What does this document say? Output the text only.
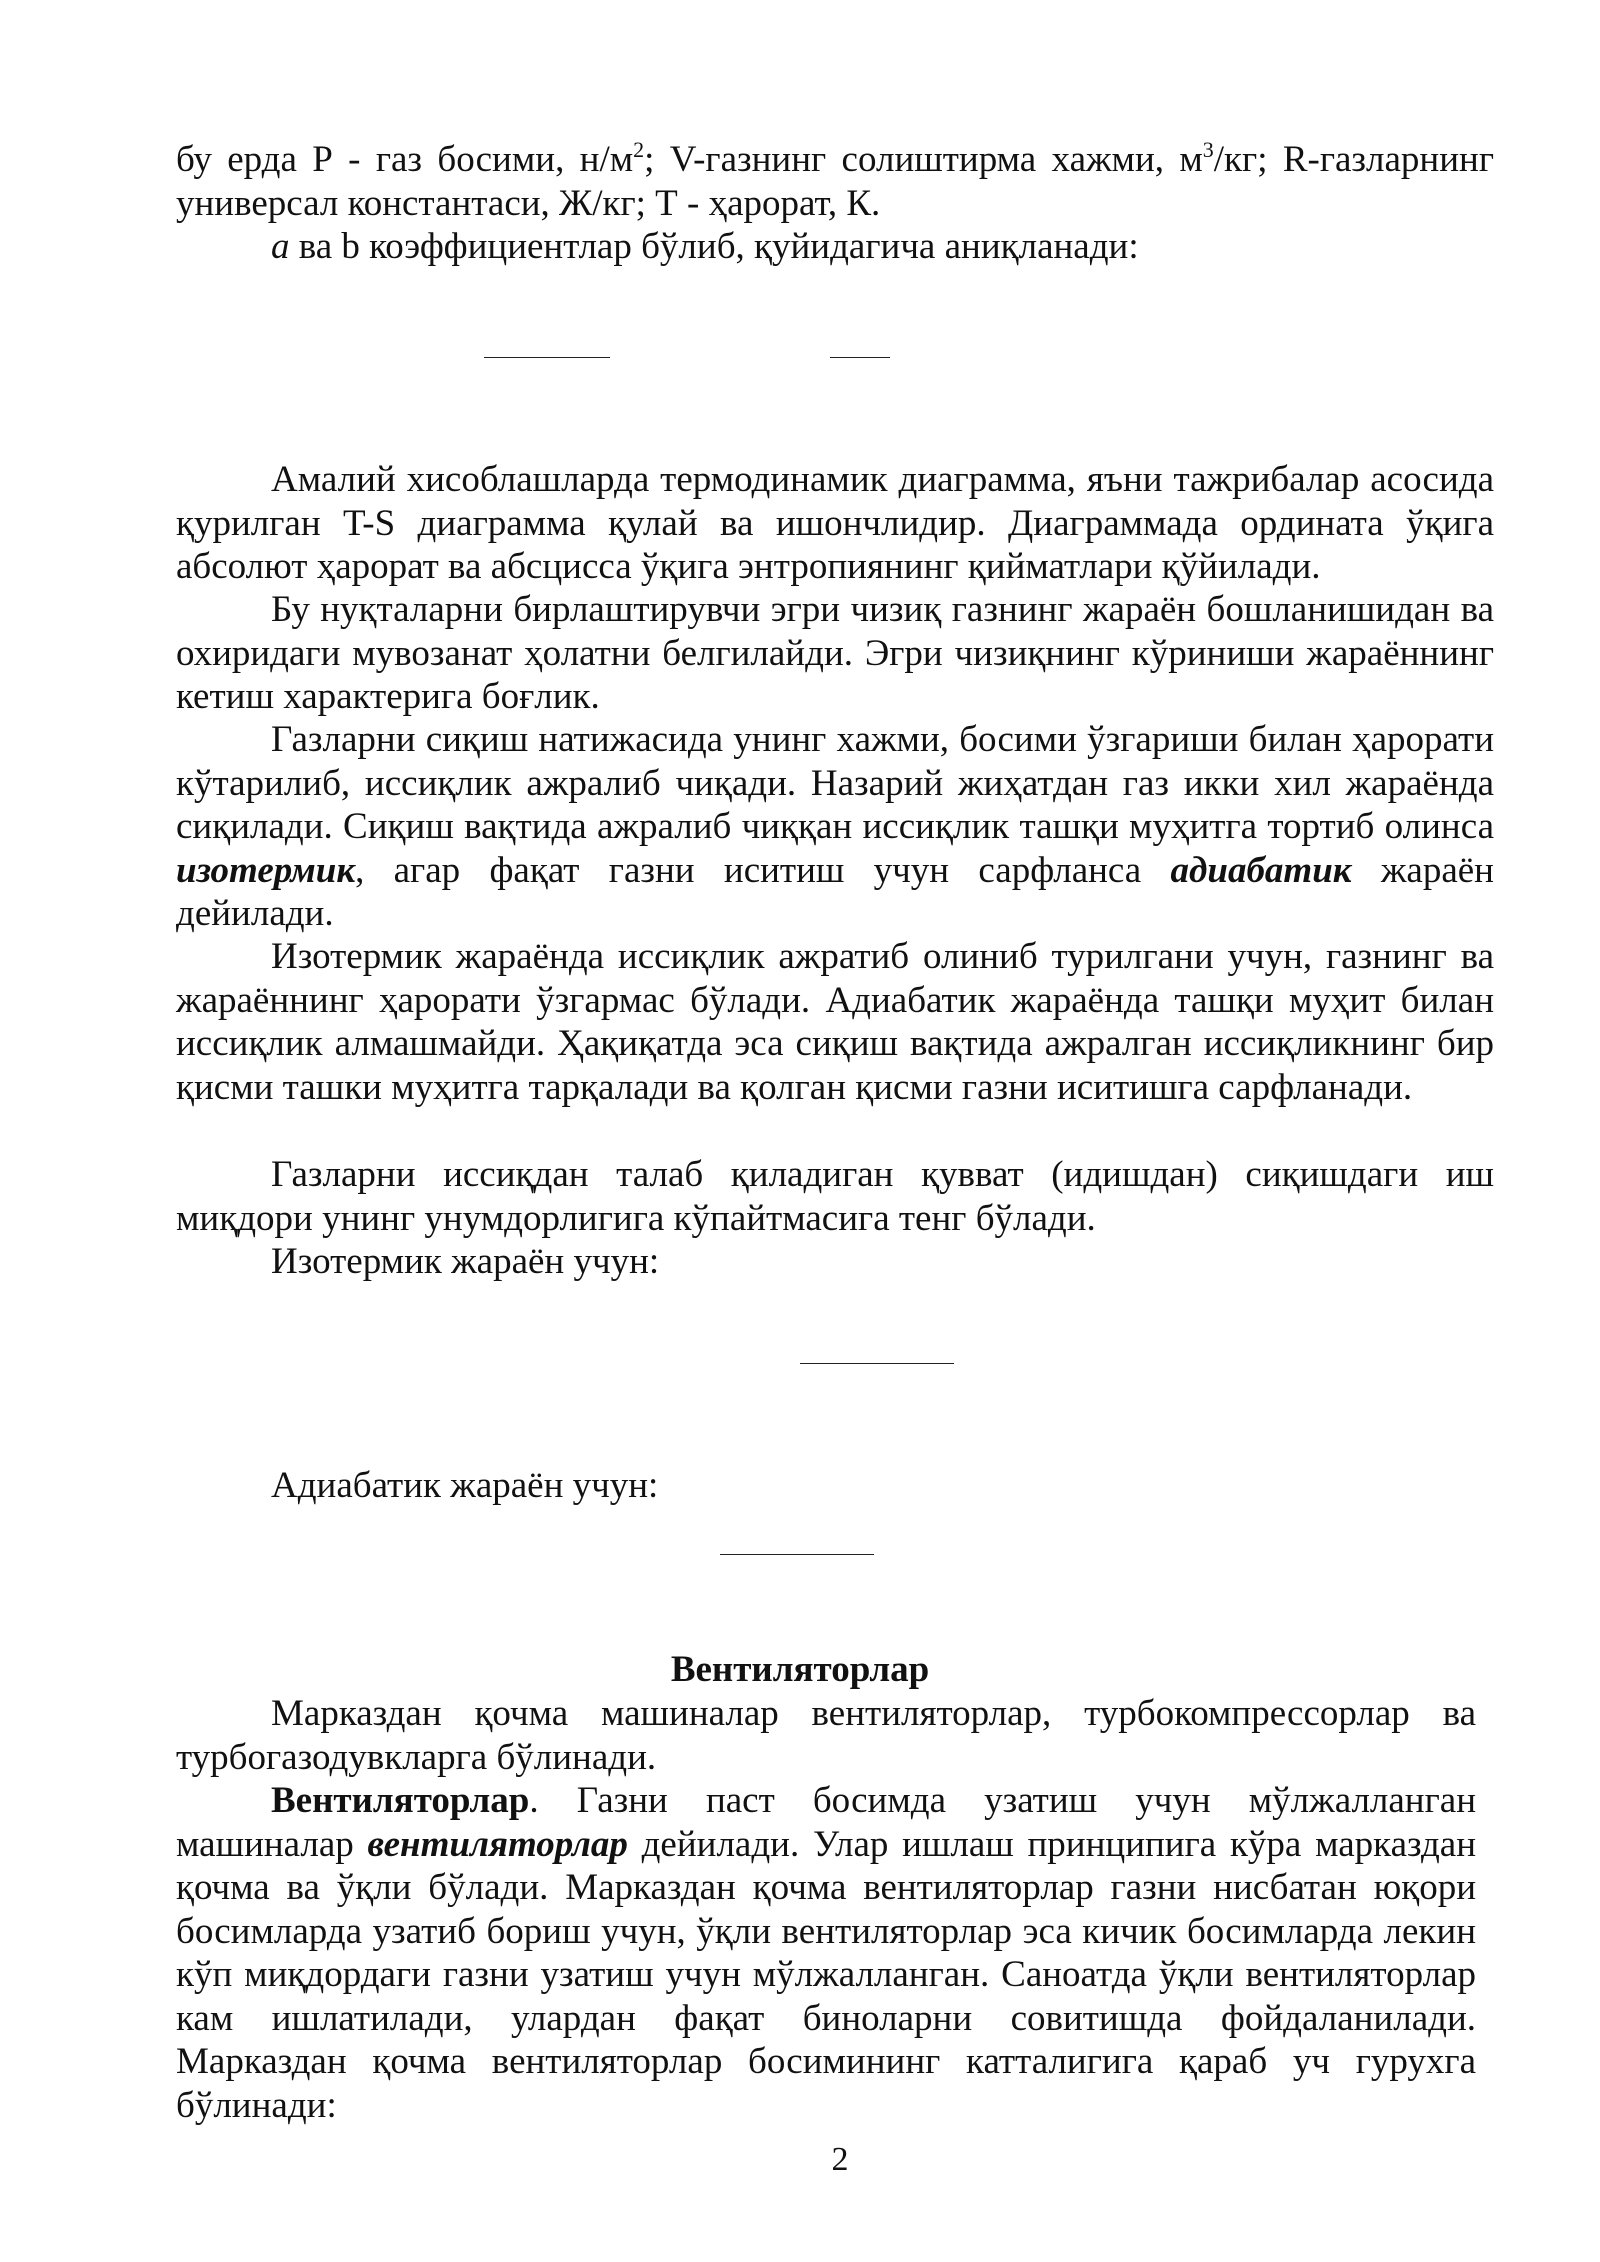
бу ерда Р - газ босими, $н/м^2$; V-газнинг солиштирма хажми, $м^3/кг$; R-газларнинг универсал константаси, Ж/кг; Т - ҳарорат, К.

a ва b коэффициентлар бўлиб, қуйидагича аниқланади:

Амалий хисоблашларда термодинамик диаграмма, яъни тажрибалар асосида қурилган T-S диаграмма қулай ва ишончлидир. Диаграммада ордината ўқига абсолют ҳарорат ва абсцисса ўқига энтропиянинг қийматлари қўйилади.

Бу нуқталарни бирлаштирувчи эгри чизиқ газнинг жараён бошланишидан ва охиридаги мувозанат ҳолатни белгилайди. Эгри чизиқнинг кўриниши жараённинг кетиш характерига боғлик.

Газларни сиқиш натижасида унинг хажми, босими ўзгариши билан ҳарорати кўтарилиб, иссиқлик ажралиб чиқади. Назарий жиҳатдан газ икки хил жараёнда сиқилади. Сиқиш вақтида ажралиб чиққан иссиқлик ташқи муҳитга тортиб олинса изотермик, агар фақат газни иситиш учун сарфланса адиабатик жараён дейилади.

Изотермик жараёнда иссиқлик ажратиб олиниб турилгани учун, газнинг ва жараённинг ҳарорати ўзгармас бўлади. Адиабатик жараёнда ташқи муҳит билан иссиқлик алмашмайди. Ҳақиқатда эса сиқиш вақтида ажралган иссиқликнинг бир қисми ташки муҳитга тарқалади ва қолган қисми газни иситишга сарфланади.

Газларни иссиқдан талаб қиладиган қувват (идишдан) сиқишдаги иш миқдори унинг унумдорлигига кўпайтмасига тенг бўлади.

Изотермик жараён учун:

Адиабатик жараён учун:

Вентиляторлар

Марказдан қочма машиналар вентиляторлар, турбокомпрессорлар ва турбогазодувкларга бўлинади.

Вентиляторлар. Газни паст босимда узатиш учун мўлжалланган машиналар вентиляторлар дейилади. Улар ишлаш принципига кўра марказдан қочма ва ўқли бўлади. Марказдан қочма вентиляторлар газни нисбатан юқори босимларда узатиб бориш учун, ўқли вентиляторлар эса кичик босимларда лекин кўп миқдордаги газни узатиш учун мўлжалланган. Саноатда ўқли вентиляторлар кам ишлатилади, улардан фақат биноларни совитишда фойдаланилади. Марказдан қочма вентиляторлар босимининг катталигига қараб уч гурухга бўлинади:

2
